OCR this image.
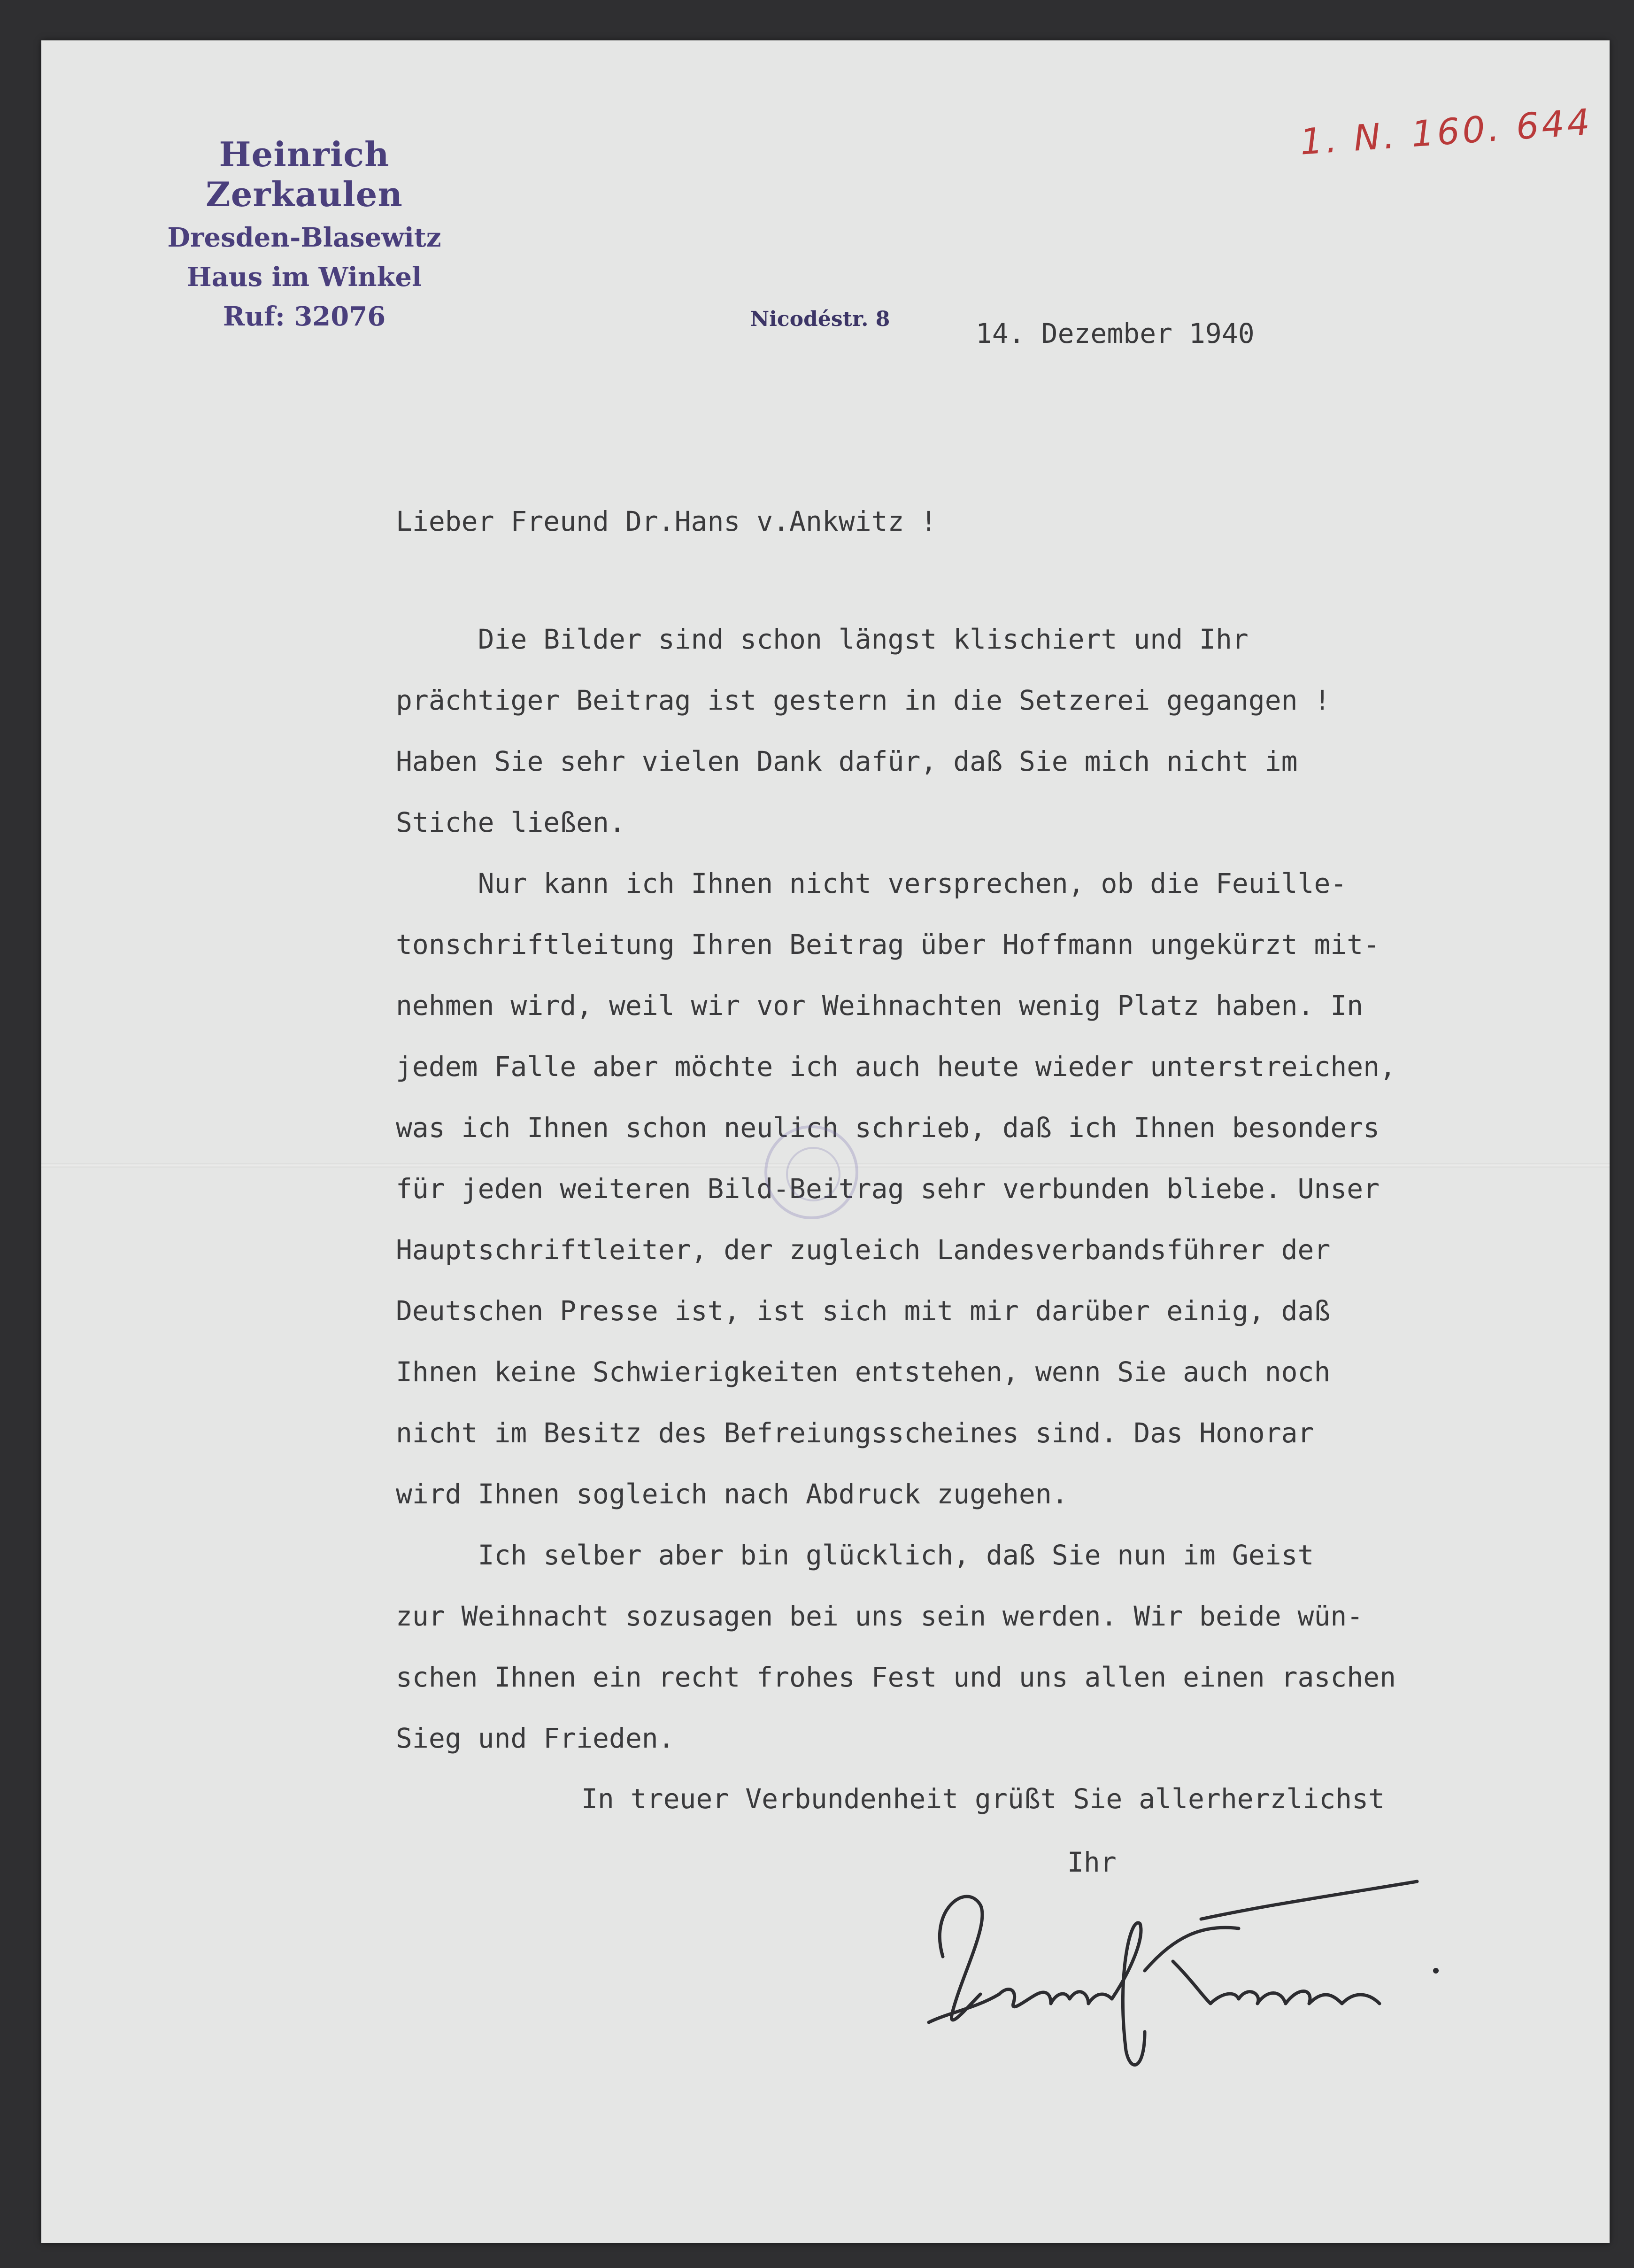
Heinrich Zerkaulen
Dresden-Blasewitz
Haus im Winkel
Ruf: 32076
1. N. 160. 644
Nicodéstr. 8	14. Dezember 1940
Lieber Freund Dr.Hans v.Ankwitz !
Die Bilder sind schon längst klischiert und Ihr
prächtiger Beitrag ist gestern in die Setzerei gegangen !
Haben Sie sehr vielen Dank dafür, daß Sie mich nicht im
Stiche ließen.
Nur kann ich Ihnen nicht versprechen, ob die Feuille-
tonschriftleitung Ihren Beitrag über Hoffmann ungekürzt mit-
nehmen wird, weil wir vor Weihnachten wenig Platz haben. In
jedem Falle aber möchte ich auch heute wieder unterstreichen,
was ich Ihnen schon neulich schrieb, daß ich Ihnen besonders
für jeden weiteren Bild-Beitrag sehr verbunden bliebe. Unser
Hauptschriftleiter, der zugleich Landesverbandsführer der
Deutschen Presse ist, ist sich mit mir darüber einig, daß
Ihnen keine Schwierigkeiten entstehen, wenn Sie auch noch
nicht im Besitz des Befreiungsscheines sind. Das Honorar
wird Ihnen sogleich nach Abdruck zugehen.
Ich selber aber bin glücklich, daß Sie nun im Geist
zur Weihnacht sozusagen bei uns sein werden. Wir beide wün-
schen Ihnen ein recht frohes Fest und uns allen einen raschen
Sieg und Frieden.
In treuer Verbundenheit grüßt Sie allerherzlichst
Ihr
